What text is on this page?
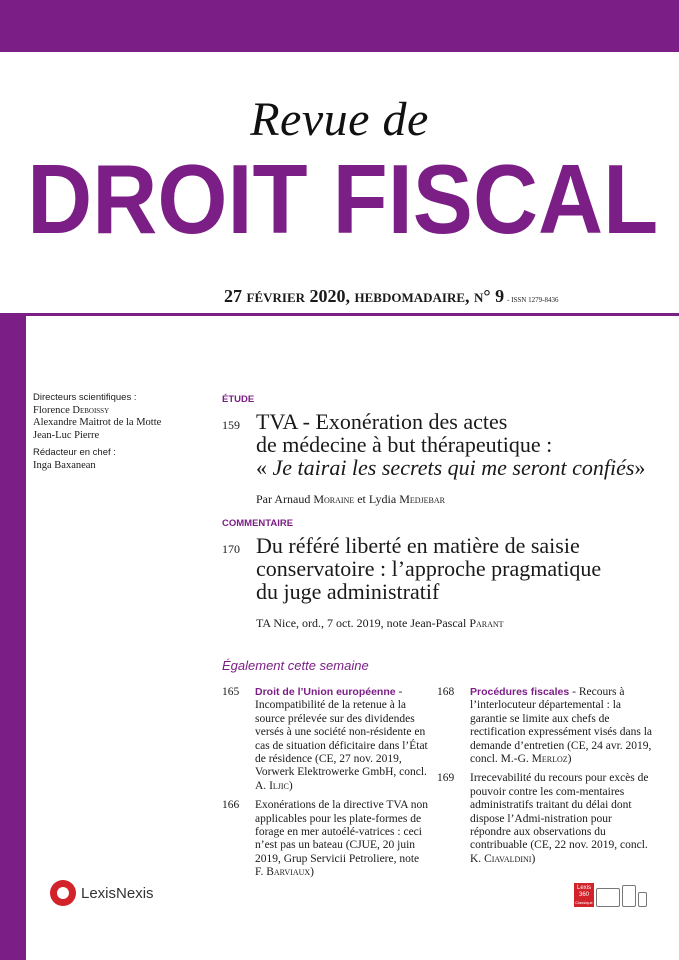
Revue de
DROIT FISCAL
27 février 2020, hebdomadaire, n° 9 - ISSN 1279-8436
Directeurs scientifiques :
Florence Deboissy
Alexandre Maitrot de la Motte
Jean-Luc Pierre
Rédacteur en chef :
Inga Baxanean
ÉTUDE
159 TVA - Exonération des actes
de médecine à but thérapeutique :
« Je tairai les secrets qui me seront confiés»
Par Arnaud Moraine et Lydia Medjebar
COMMENTAIRE
170 Du référé liberté en matière de saisie
conservatoire : l’approche pragmatique
du juge administratif
TA Nice, ord., 7 oct. 2019, note Jean-Pascal Parant
Également cette semaine
165 Droit de l’Union européenne - Incompatibilité de la retenue à la source prélevée sur des dividendes versés à une société non-résidente en cas de situation déficitaire dans l’État de résidence (CE, 27 nov. 2019, Vorwerk Elektrowerke GmbH, concl. A. Iljic)
166 Exonérations de la directive TVA non applicables pour les plate-formes de forage en mer autoélé-vatrices : ceci n’est pas un bateau (CJUE, 20 juin 2019, Grup Servicii Petroliere, note F. Barviaux)
168 Procédures fiscales - Recours à l’interlocuteur départemental : la garantie se limite aux chefs de rectification expressément visés dans la demande d’entretien (CE, 24 avr. 2019, concl. M.-G. Merloz)
169 Irrecevabilité du recours pour excès de pouvoir contre les com-mentaires administratifs traitant du délai dont dispose l’Admi-nistration pour répondre aux observations du contribuable (CE, 22 nov. 2019, concl. K. Ciavaldini)
LexisNexis	Lexis
360
Classique
